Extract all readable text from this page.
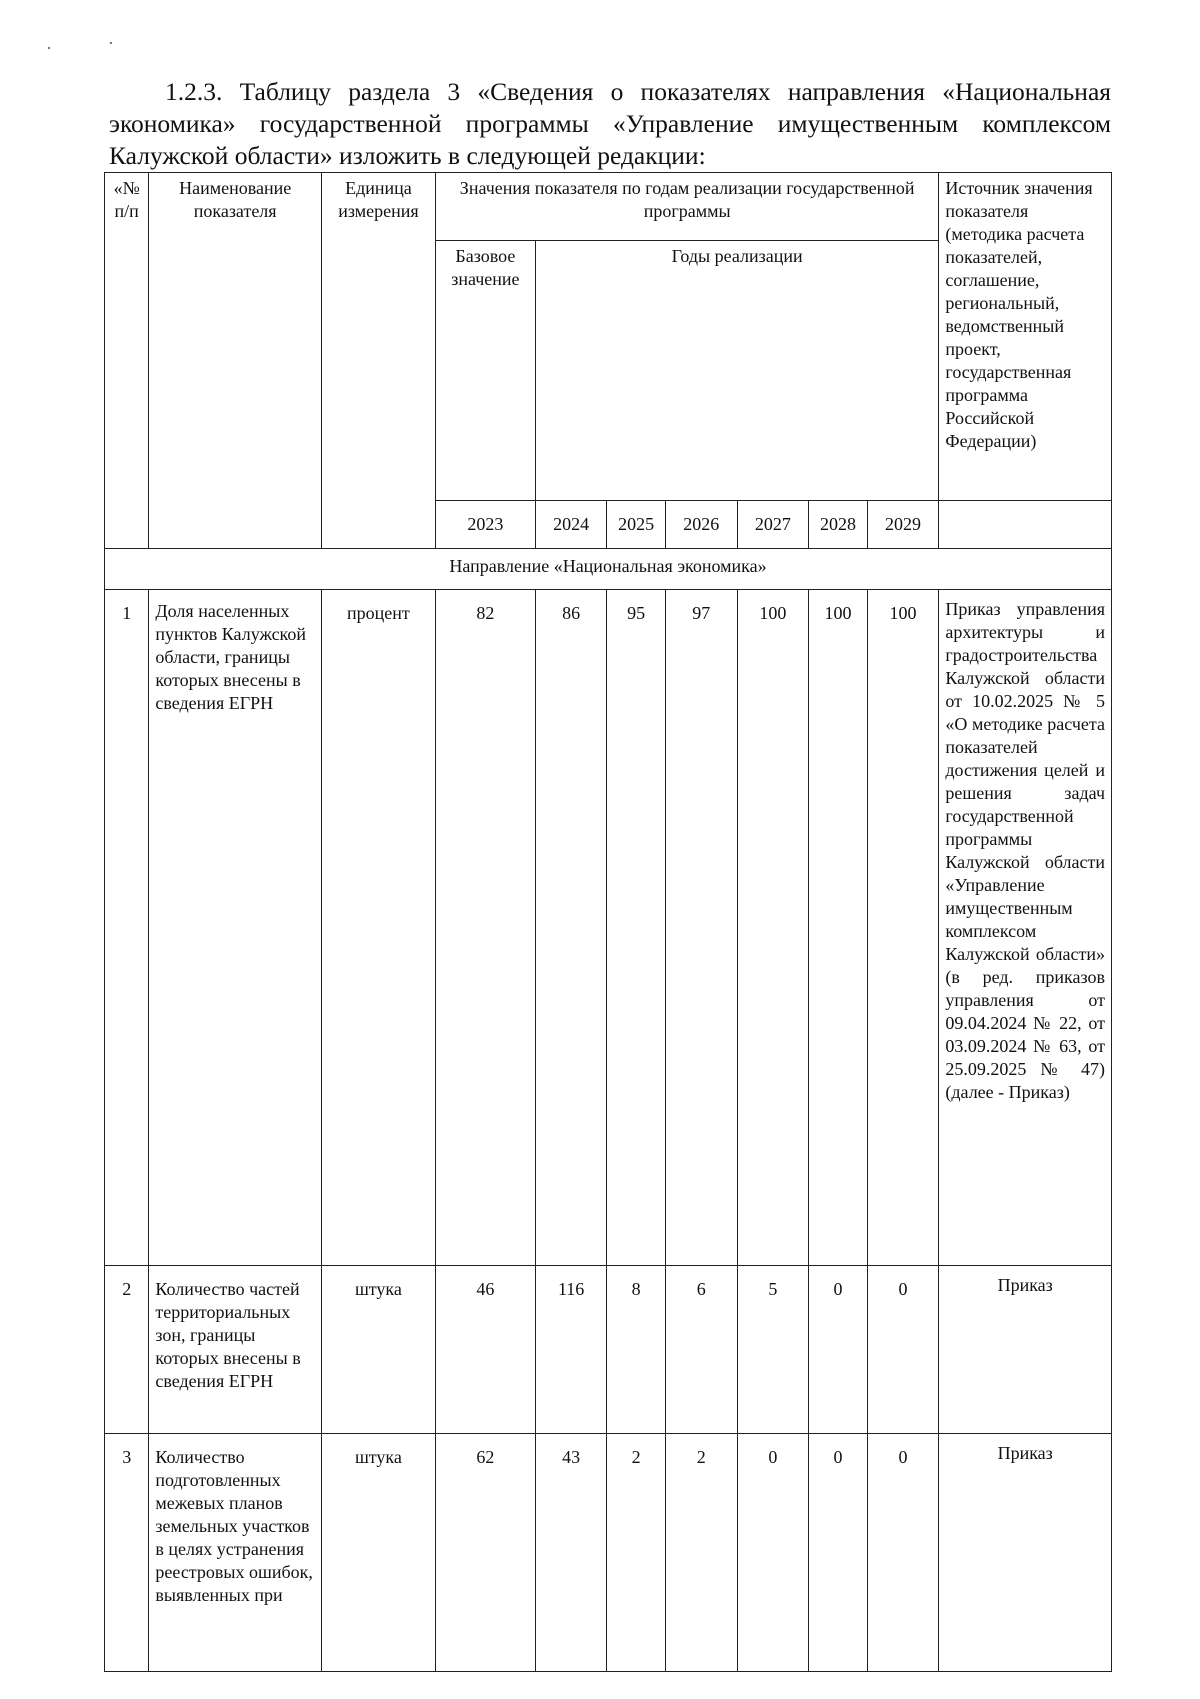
1.2.3. Таблицу раздела 3 «Сведения о показателях направления «Национальная экономика» государственной программы «Управление имущественным комплексом Калужской области» изложить в следующей редакции:

«№ п/п	Наименование показателя	Единица измерения	Значения показателя по годам реализации государственной программы							Источник значения показателя (методика расчета показателей, соглашение, региональный, ведомственный проект, государственная программа Российской Федерации)
			Базовое значение	Годы реализации						
			2023	2024	2025	2026	2027	2028	2029	
Направление «Национальная экономика»										
1	Доля населенных пунктов Калужской области, границы которых внесены в сведения ЕГРН	процент	82	86	95	97	100	100	100	Приказ управления архитектуры и градостроительства Калужской области от 10.02.2025 № 5 «О методике расчета показателей достижения целей и решения задач государственной программы Калужской области «Управление имущественным комплексом Калужской области» (в ред. приказов управления от 09.04.2024 № 22, от 03.09.2024 № 63, от 25.09.2025 № 47) (далее - Приказ)
2	Количество частей территориальных зон, границы которых внесены в сведения ЕГРН	штука	46	116	8	6	5	0	0	Приказ
3	Количество подготовленных межевых планов земельных участков в целях устранения реестровых ошибок, выявленных при	штука	62	43	2	2	0	0	0	Приказ
